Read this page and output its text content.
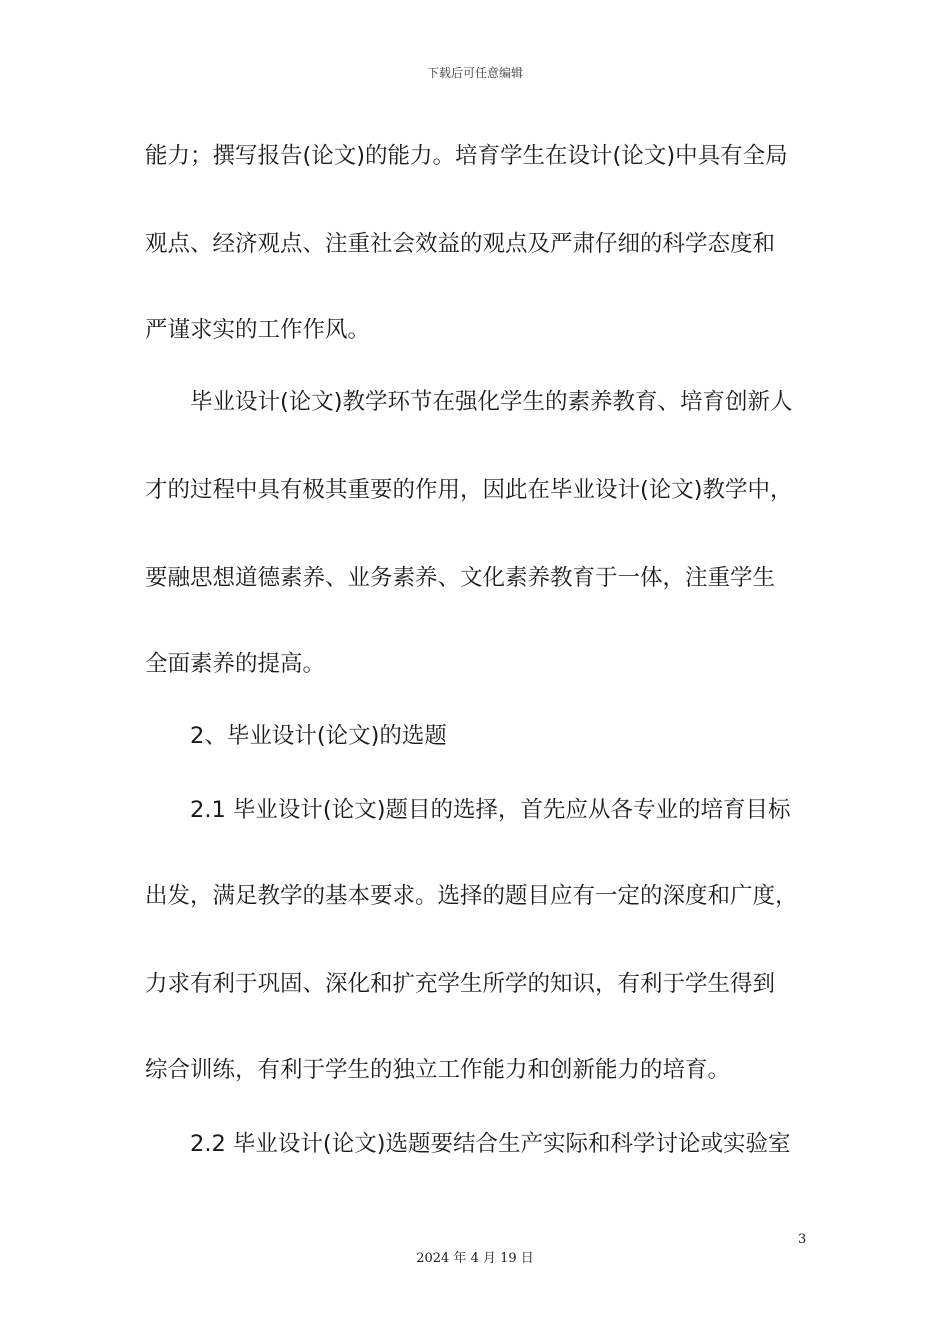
下载后可任意编辑
能力；撰写报告(论文)的能力。培育学生在设计(论文)中具有全局
观点、经济观点、注重社会效益的观点及严肃仔细的科学态度和
严谨求实的工作作风。
毕业设计(论文)教学环节在强化学生的素养教育、培育创新人
才的过程中具有极其重要的作用，因此在毕业设计(论文)教学中，
要融思想道德素养、业务素养、文化素养教育于一体，注重学生
全面素养的提高。
2、毕业设计(论文)的选题
2.1 毕业设计(论文)题目的选择，首先应从各专业的培育目标
出发，满足教学的基本要求。选择的题目应有一定的深度和广度，
力求有利于巩固、深化和扩充学生所学的知识，有利于学生得到
综合训练，有利于学生的独立工作能力和创新能力的培育。
2.2 毕业设计(论文)选题要结合生产实际和科学讨论或实验室
3
2024 年 4 月 19 日
